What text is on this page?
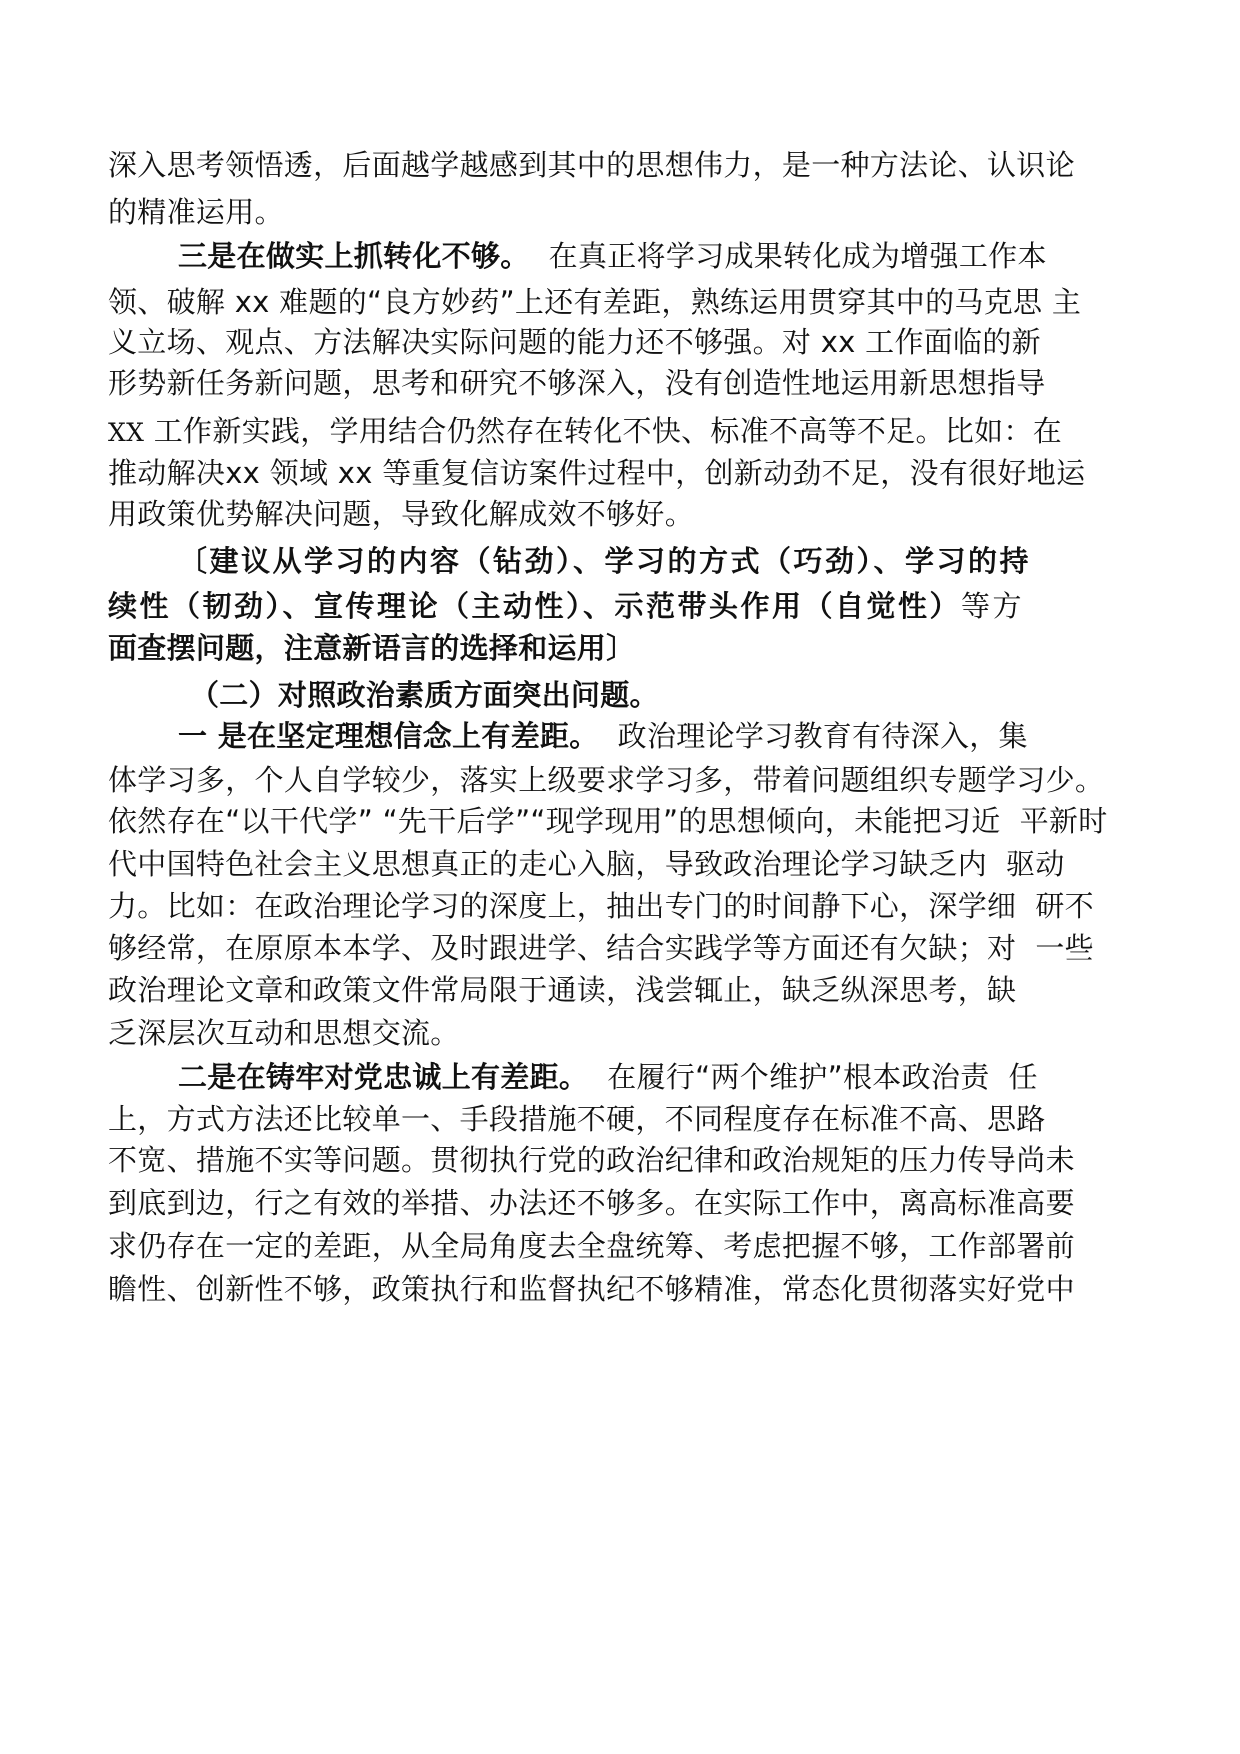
深入思考领悟透，后面越学越感到其中的思想伟力，是一种方法论、认识论
的精准运用。
三是在做实上抓转化不够。  在真正将学习成果转化成为增强工作本
领、破解 xx 难题的“良方妙药”上还有差距，熟练运用贯穿其中的马克思 主
义立场、观点、方法解决实际问题的能力还不够强。对 xx 工作面临的新
形势新任务新问题，思考和研究不够深入，没有创造性地运用新思想指导
XX 工作新实践，学用结合仍然存在转化不快、标准不高等不足。比如：在
推动解决xx 领域 xx 等重复信访案件过程中，创新动劲不足，没有很好地运
用政策优势解决问题，导致化解成效不够好。
〔建议从学习的内容（钻劲）、学习的方式（巧劲）、学习的持
续性（韧劲）、宣传理论（主动性）、示范带头作用（自觉性）等方
面查摆问题，注意新语言的选择和运用〕
（二）对照政治素质方面突出问题。
一 是在坚定理想信念上有差距。  政治理论学习教育有待深入，集
体学习多，个人自学较少，落实上级要求学习多，带着问题组织专题学习少。
依然存在“以干代学” “先干后学”“现学现用”的思想倾向，未能把习近  平新时
代中国特色社会主义思想真正的走心入脑，导致政治理论学习缺乏内  驱动
力。比如：在政治理论学习的深度上，抽出专门的时间静下心，深学细  研不
够经常，在原原本本学、及时跟进学、结合实践学等方面还有欠缺；对  一些
政治理论文章和政策文件常局限于通读，浅尝辄止，缺乏纵深思考，缺
乏深层次互动和思想交流。
二是在铸牢对党忠诚上有差距。  在履行“两个维护”根本政治责  任
上，方式方法还比较单一、手段措施不硬，不同程度存在标准不高、思路
不宽、措施不实等问题。贯彻执行党的政治纪律和政治规矩的压力传导尚未
到底到边，行之有效的举措、办法还不够多。在实际工作中，离高标准高要
求仍存在一定的差距，从全局角度去全盘统筹、考虑把握不够，工作部署前
瞻性、创新性不够，政策执行和监督执纪不够精准，常态化贯彻落实好党中
